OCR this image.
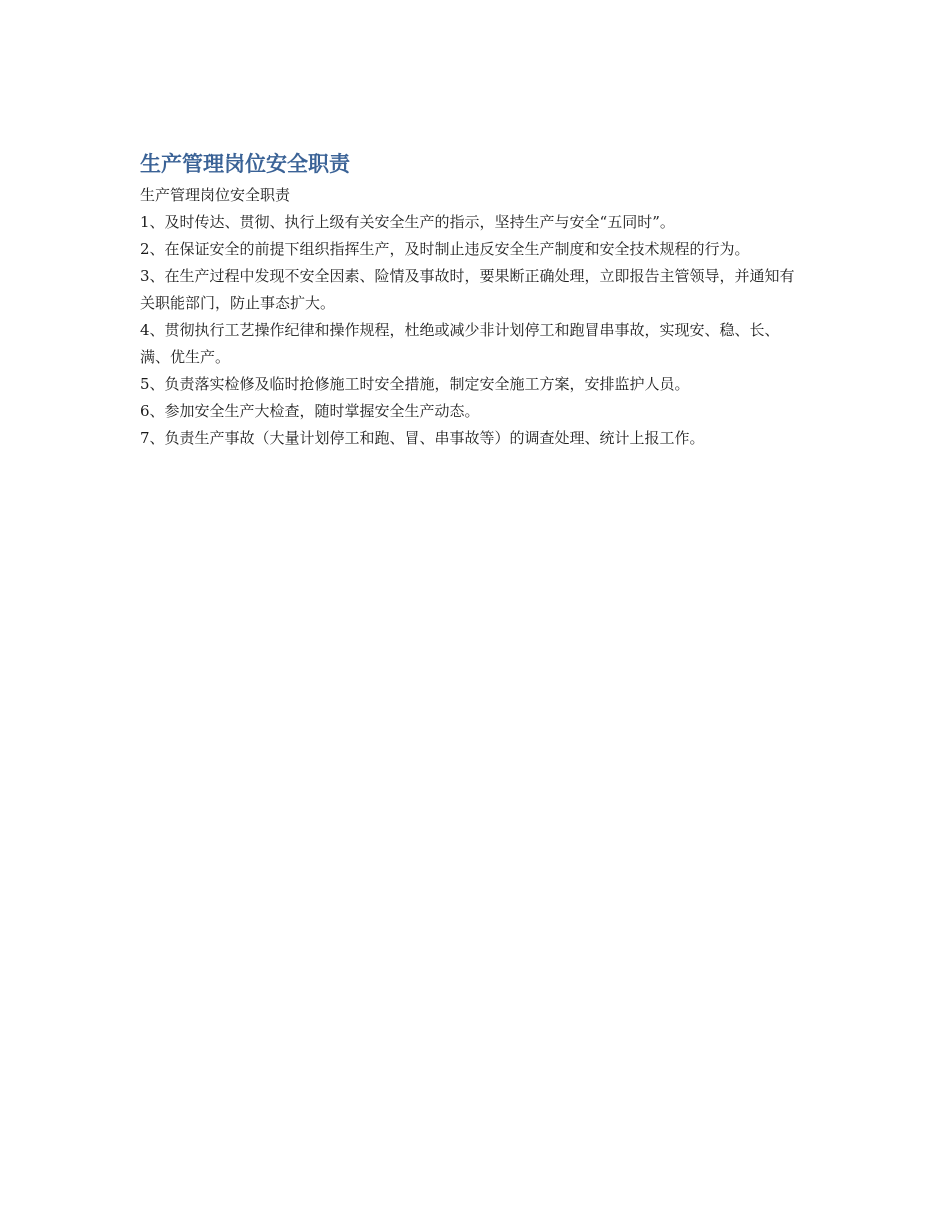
生产管理岗位安全职责

生产管理岗位安全职责

1、及时传达、贯彻、执行上级有关安全生产的指示，坚持生产与安全“五同时”。

2、在保证安全的前提下组织指挥生产，及时制止违反安全生产制度和安全技术规程的行为。

3、在生产过程中发现不安全因素、险情及事故时，要果断正确处理，立即报告主管领导，并通知有关职能部门，防止事态扩大。

4、贯彻执行工艺操作纪律和操作规程，杜绝或减少非计划停工和跑冒串事故，实现安、稳、长、满、优生产。

5、负责落实检修及临时抢修施工时安全措施，制定安全施工方案，安排监护人员。

6、参加安全生产大检查，随时掌握安全生产动态。

7、负责生产事故（大量计划停工和跑、冒、串事故等）的调查处理、统计上报工作。
